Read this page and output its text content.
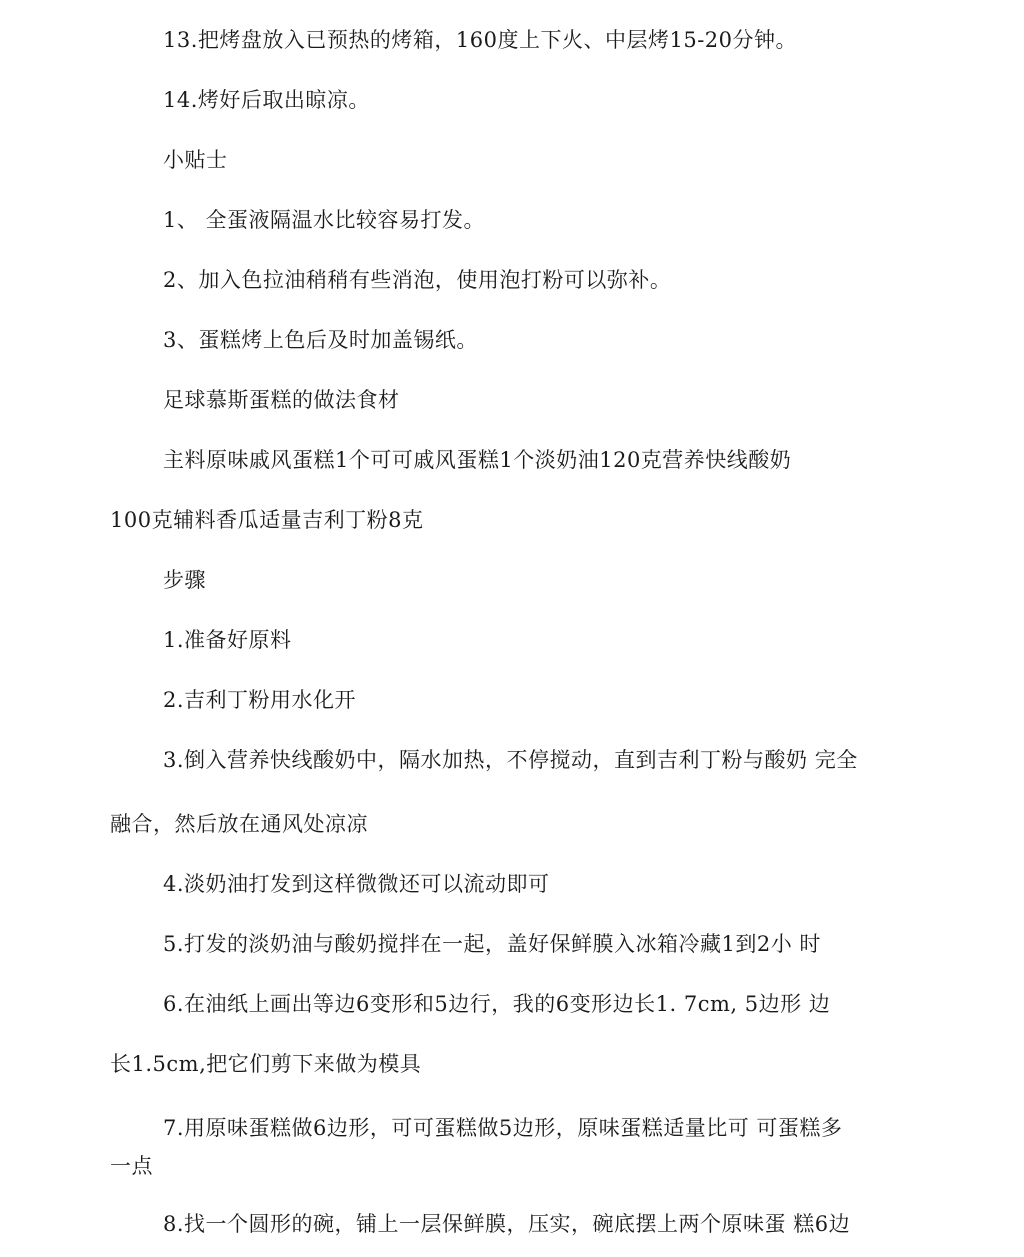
13.把烤盘放入已预热的烤箱，160度上下火、中层烤15-20分钟。
14.烤好后取出晾凉。
小贴士
1、 全蛋液隔温水比较容易打发。
2、加入色拉油稍稍有些消泡，使用泡打粉可以弥补。
3、蛋糕烤上色后及时加盖锡纸。
足球慕斯蛋糕的做法食材
主料原味戚风蛋糕1个可可戚风蛋糕1个淡奶油120克营养快线酸奶
100克辅料香瓜适量吉利丁粉8克
步骤
1.准备好原料
2.吉利丁粉用水化开
3.倒入营养快线酸奶中，隔水加热，不停搅动，直到吉利丁粉与酸奶 完全
融合，然后放在通风处凉凉
4.淡奶油打发到这样微微还可以流动即可
5.打发的淡奶油与酸奶搅拌在一起，盖好保鲜膜入冰箱冷藏1到2小 时
6.在油纸上画出等边6变形和5边行，我的6变形边长1. 7cm, 5边形 边
长1.5cm,把它们剪下来做为模具
7.用原味蛋糕做6边形，可可蛋糕做5边形，原味蛋糕适量比可 可蛋糕多
一点
8.找一个圆形的碗，铺上一层保鲜膜，压实，碗底摆上两个原味蛋 糕6边
